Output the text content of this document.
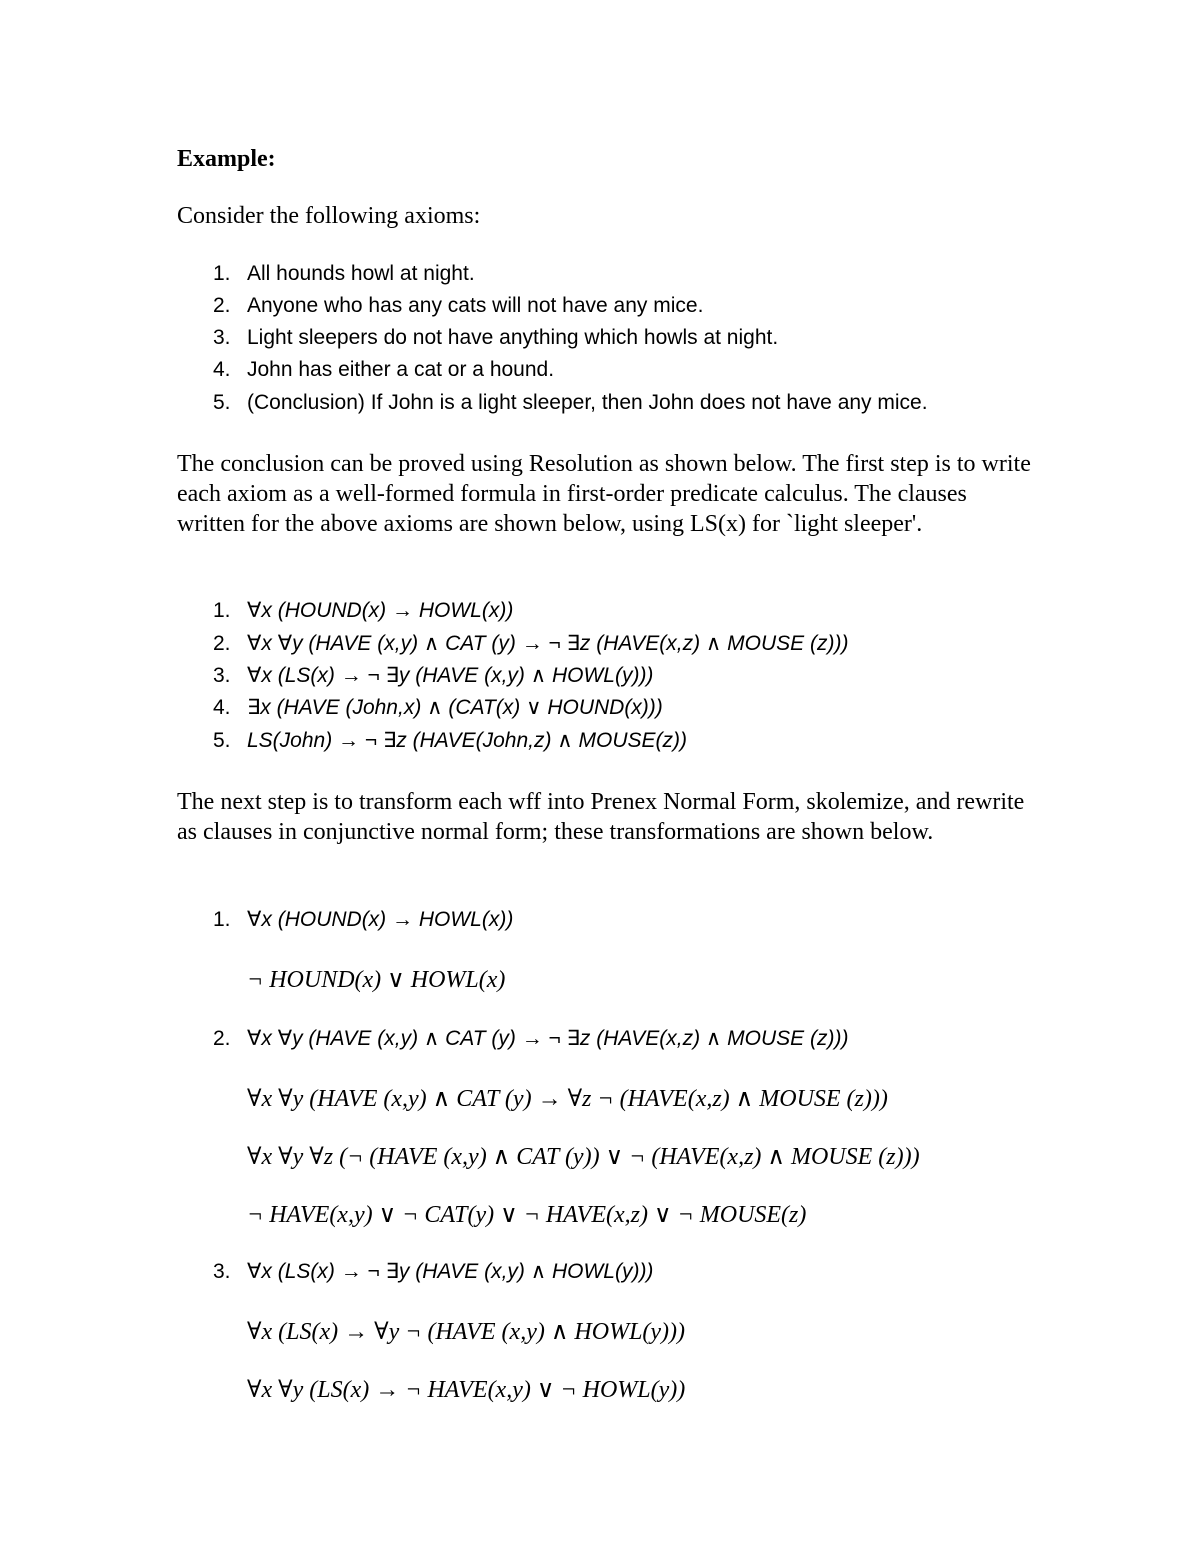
Example:

Consider the following axioms:

1. All hounds howl at night.

2. Anyone who has any cats will not have any mice.

3. Light sleepers do not have anything which howls at night.

4. John has either a cat or a hound.

5. (Conclusion) If John is a light sleeper, then John does not have any mice.

The conclusion can be proved using Resolution as shown below. The first step is to write each axiom as a well-formed formula in first-order predicate calculus. The clauses written for the above axioms are shown below, using LS(x) for `light sleeper'.

1. ∀x (HOUND(x) → HOWL(x))

2. ∀x ∀y (HAVE (x,y) ∧ CAT (y) → ¬ ∃z (HAVE(x,z) ∧ MOUSE (z)))

3. ∀x (LS(x) → ¬ ∃y (HAVE (x,y) ∧ HOWL(y)))

4. ∃x (HAVE (John,x) ∧ (CAT(x) ∨ HOUND(x)))

5. LS(John) → ¬ ∃z (HAVE(John,z) ∧ MOUSE(z))

The next step is to transform each wff into Prenex Normal Form, skolemize, and rewrite as clauses in conjunctive normal form; these transformations are shown below.

1. ∀x (HOUND(x) → HOWL(x))

¬ HOUND(x) ∨ HOWL(x)

2. ∀x ∀y (HAVE (x,y) ∧ CAT (y) → ¬ ∃z (HAVE(x,z) ∧ MOUSE (z)))

∀x ∀y (HAVE (x,y) ∧ CAT (y) → ∀z ¬ (HAVE(x,z) ∧ MOUSE (z)))

∀x ∀y ∀z (¬ (HAVE (x,y) ∧ CAT (y)) ∨ ¬ (HAVE(x,z) ∧ MOUSE (z)))

¬ HAVE(x,y) ∨ ¬ CAT(y) ∨ ¬ HAVE(x,z) ∨ ¬ MOUSE(z)

3. ∀x (LS(x) → ¬ ∃y (HAVE (x,y) ∧ HOWL(y)))

∀x (LS(x) → ∀y ¬ (HAVE (x,y) ∧ HOWL(y)))

∀x ∀y (LS(x) → ¬ HAVE(x,y) ∨ ¬ HOWL(y))
